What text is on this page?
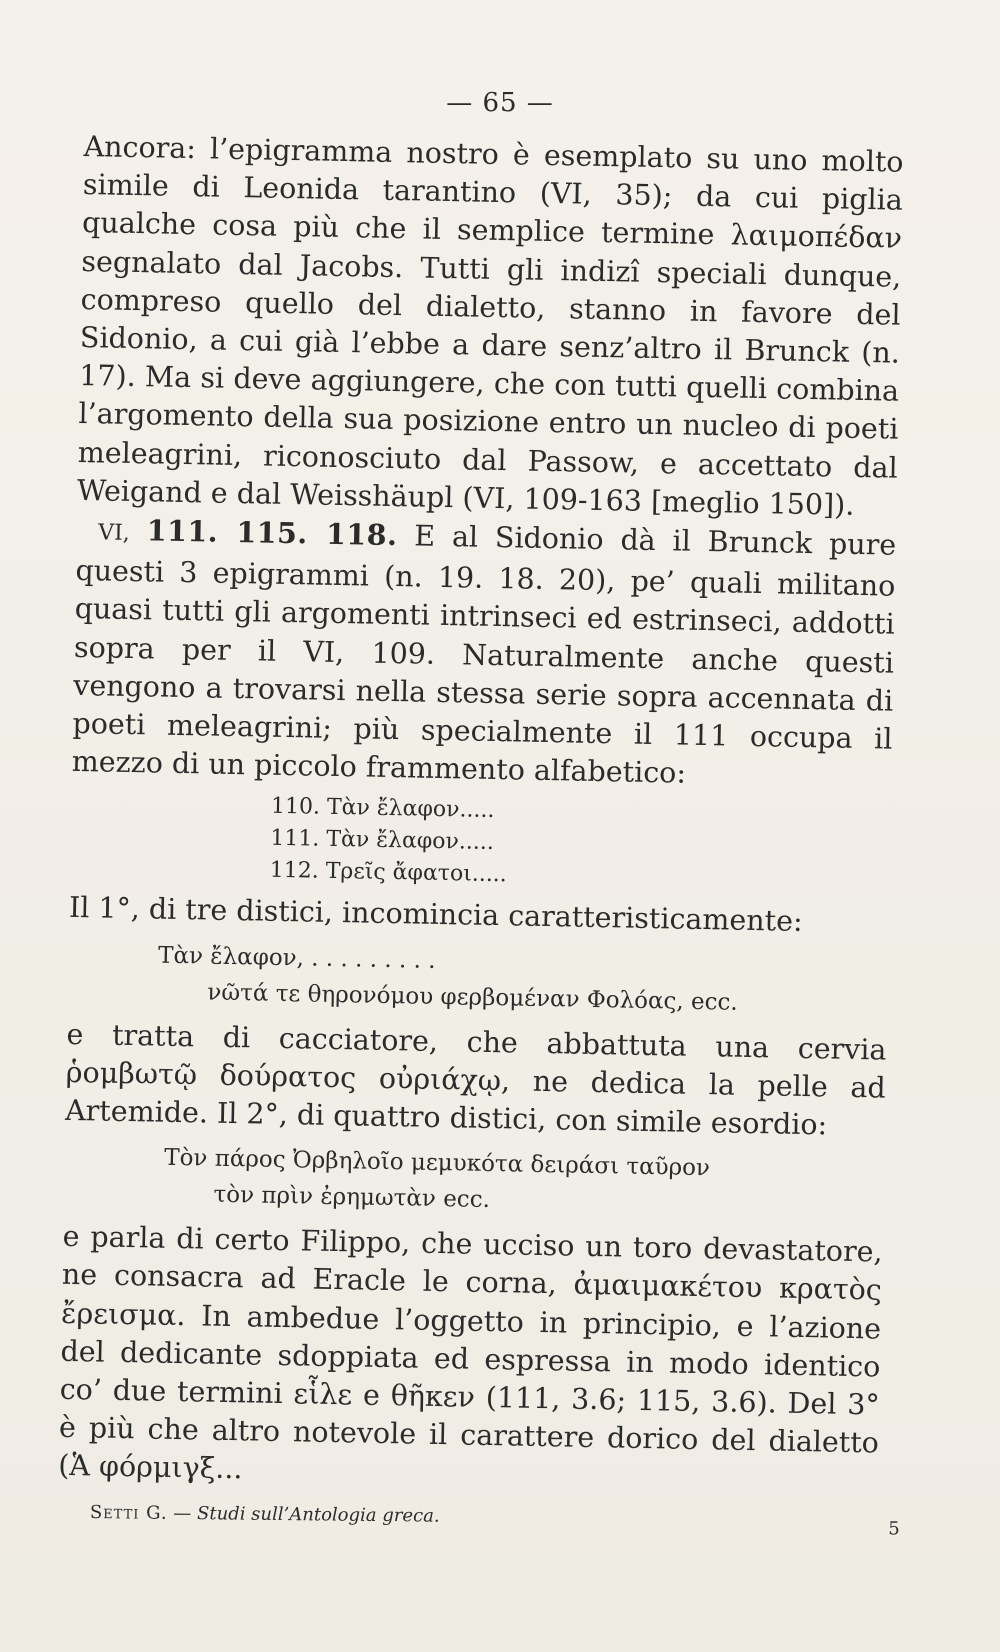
— 65 —

Ancora: l’epigramma nostro è esemplato su uno molto simile di Leonida tarantino (VI, 35); da cui piglia qualche cosa più che il semplice termine λαιμοπέδαν segnalato dal Jacobs. Tutti gli indizî speciali dunque, compreso quello del dialetto, stanno in favore del Sidonio, a cui già l’ebbe a dare senz’altro il Brunck (n. 17). Ma si deve aggiungere, che con tutti quelli combina l’argomento della sua posizione entro un nucleo di poeti meleagrini, riconosciuto dal Passow, e accettato dal Weigand e dal Weisshäupl (VI, 109-163 [meglio 150]).

VI, 111. 115. 118. E al Sidonio dà il Brunck pure questi 3 epigrammi (n. 19. 18. 20), pe’ quali militano quasi tutti gli argomenti intrinseci ed estrinseci, addotti sopra per il VI, 109. Naturalmente anche questi vengono a trovarsi nella stessa serie sopra accennata di poeti meleagrini; più specialmente il 111 occupa il mezzo di un piccolo frammento alfabetico:

110. Τὰν ἔλαφον.....
111. Τὰν ἔλαφον.....
112. Τρεῖς ἄφατοι.....

Il 1°, di tre distici, incomincia caratteristicamente:

Τὰν ἔλαφον, . . . . . . . . .
νῶτά τε θηρονόμου φερβομέναν Φολόας, ecc.

e tratta di cacciatore, che abbattuta una cervia ῥομβωτῷ δούρατος οὐριάχῳ, ne dedica la pelle ad Artemide. Il 2°, di quattro distici, con simile esordio:

Τὸν πάρος Ὀρβηλοῖο μεμυκότα δειράσι ταῦρον
τὸν πρὶν ἐρημωτὰν ecc.

e parla di certo Filippo, che ucciso un toro devastatore, ne consacra ad Eracle le corna, ἀμαιμακέτου κρατὸς ἔρεισμα. In ambedue l’oggetto in principio, e l’azione del dedicante sdoppiata ed espressa in modo identico co’ due termini εἷλε e θῆκεν (111, 3.6; 115, 3.6). Del 3° è più che altro notevole il carattere dorico del dialetto (Ἁ φόρμιγξ...

Setti G. — Studi sull’Antologia greca.
5
